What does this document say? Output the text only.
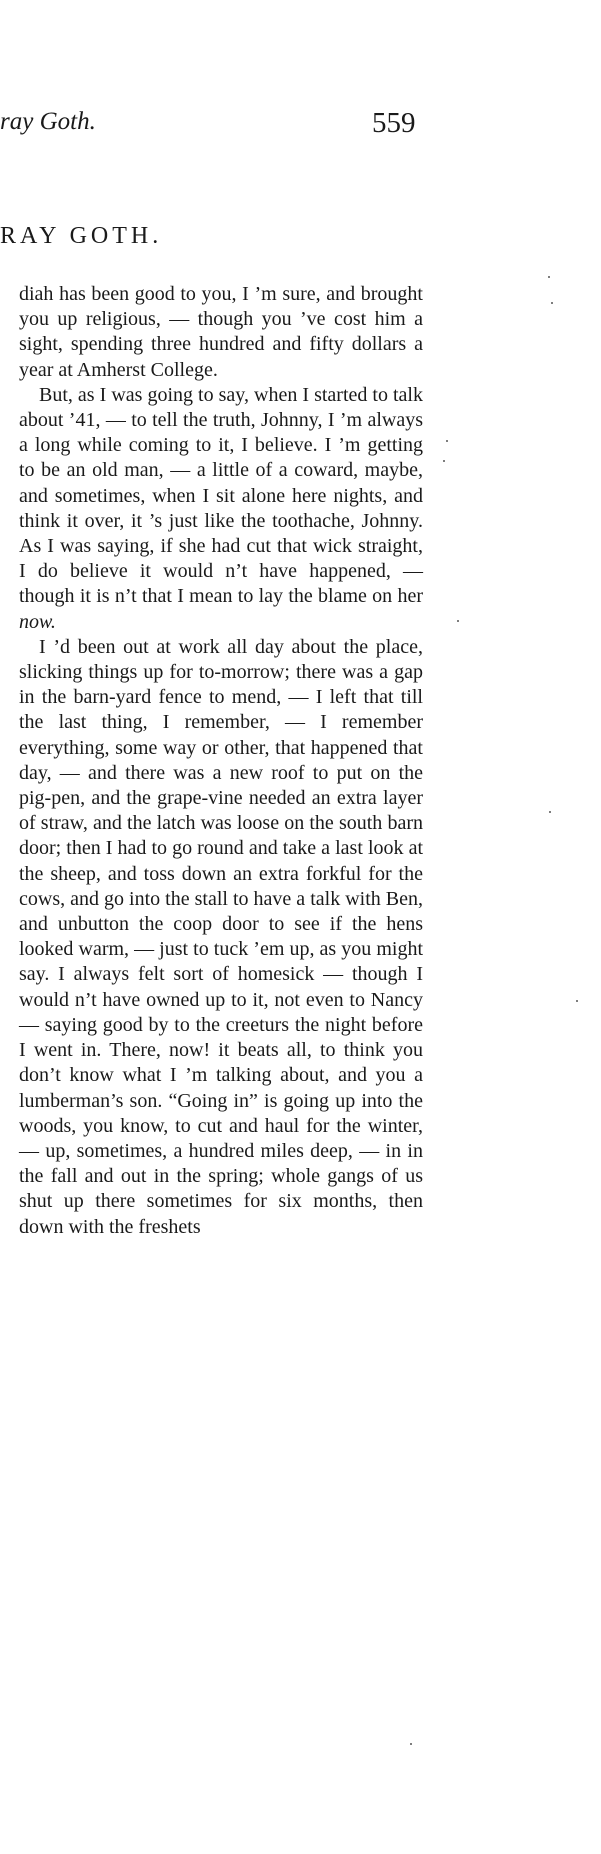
ray Goth.	559
RAY GOTH.

diah has been good to you, I ’m sure, and brought you up religious, — though you ’ve cost him a sight, spending three hundred and fifty dollars a year at Amherst College.

But, as I was going to say, when I started to talk about ’41, — to tell the truth, Johnny, I ’m always a long while coming to it, I believe. I ’m getting to be an old man, — a little of a coward, maybe, and sometimes, when I sit alone here nights, and think it over, it ’s just like the toothache, Johnny. As I was saying, if she had cut that wick straight, I do believe it would n’t have happened, — though it is n’t that I mean to lay the blame on her now.

I ’d been out at work all day about the place, slicking things up for to-morrow; there was a gap in the barn-yard fence to mend, — I left that till the last thing, I remember, — I remember everything, some way or other, that happened that day, — and there was a new roof to put on the pig-pen, and the grape-vine needed an extra layer of straw, and the latch was loose on the south barn door; then I had to go round and take a last look at the sheep, and toss down an extra forkful for the cows, and go into the stall to have a talk with Ben, and unbutton the coop door to see if the hens looked warm, — just to tuck ’em up, as you might say. I always felt sort of homesick — though I would n’t have owned up to it, not even to Nancy — saying good by to the creeturs the night before I went in. There, now! it beats all, to think you don’t know what I ’m talking about, and you a lumberman’s son. “Going in” is going up into the woods, you know, to cut and haul for the winter, — up, sometimes, a hundred miles deep, — in in the fall and out in the spring; whole gangs of us shut up there sometimes for six months, then down with the freshets
